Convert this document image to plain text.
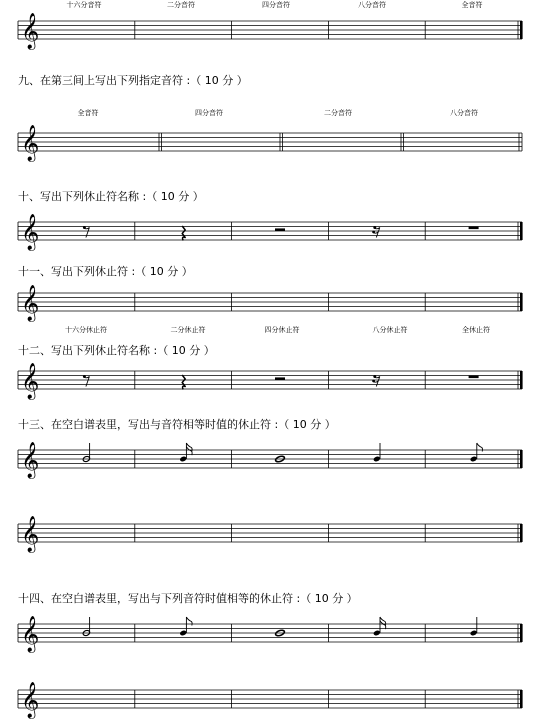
十六分音符	二分音符	四分音符	八分音符	全音符
𝄞
九、在第三间上写出下列指定音符 :（ 10 分 ）
全音符	四分音符	二分音符	八分音符
𝄞
十、写出下列休止符名称 :（ 10 分 ）
𝄞
十一、写出下列休止符 :（ 10 分 ）
𝄞
十六分休止符	二分休止符	四分休止符	八分休止符	全休止符
十二、写出下列休止符名称 :（ 10 分 ）
𝄞
十三、在空白谱表里，写出与音符相等时值的休止符 :（ 10 分 ）
𝄞
𝄞
十四、在空白谱表里，写出与下列音符时值相等的休止符 :（ 10 分 ）
𝄞
𝄞
